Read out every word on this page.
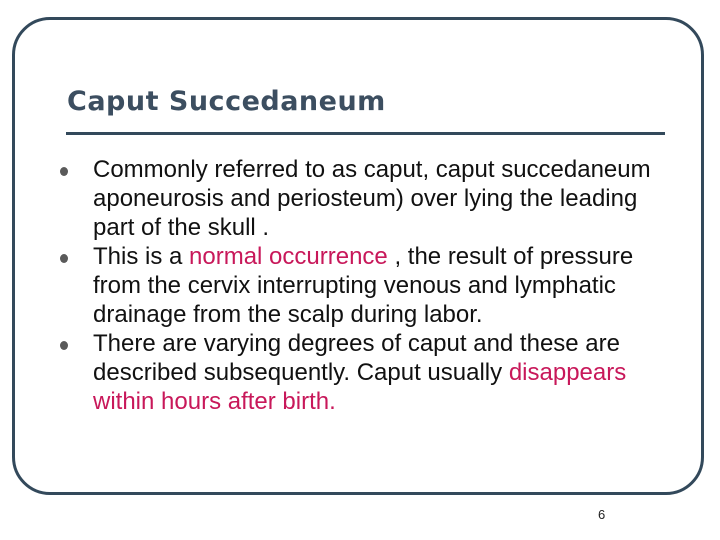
Caput Succedaneum
Commonly referred to as caput, caput succedaneum aponeurosis and periosteum) over lying the leading part of the skull .
This is a normal occurrence , the result of pressure from the cervix interrupting venous and lymphatic drainage from the scalp during labor.
There are varying degrees of caput and these are described subsequently. Caput usually disappears within hours after birth.
6
